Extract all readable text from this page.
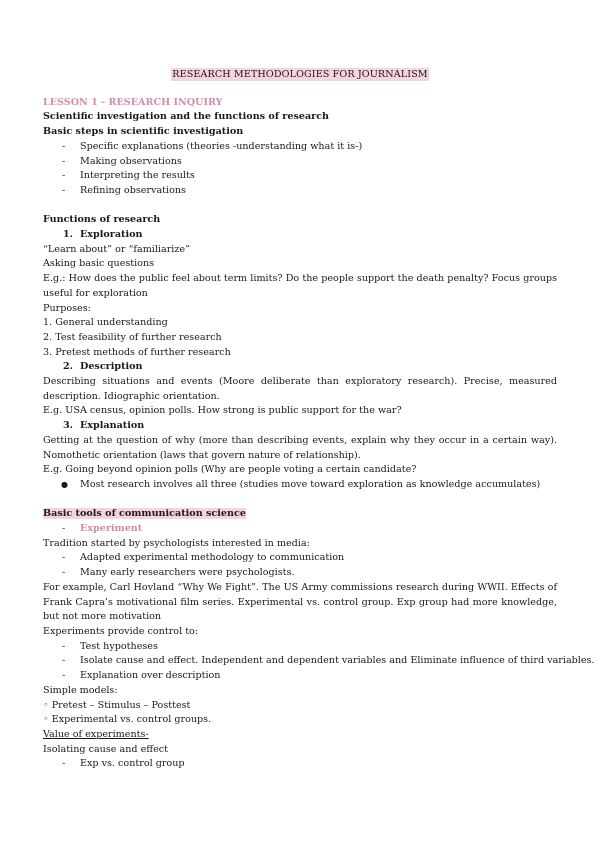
RESEARCH METHODOLOGIES FOR JOURNALISM
LESSON 1 - RESEARCH INQUIRY
Scientific investigation and the functions of research
Basic steps in scientific investigation
- Specific explanations (theories -understanding what it is-)
- Making observations
- Interpreting the results
- Refining observations
Functions of research
1. Exploration
“Learn about” or “familiarize”
Asking basic questions
E.g.: How does the public feel about term limits? Do the people support the death penalty? Focus groups useful for exploration
Purposes:
1. General understanding
2. Test feasibility of further research
3. Pretest methods of further research
2. Description
Describing situations and events (Moore deliberate than exploratory research). Precise, measured description. Idiographic orientation.
E.g. USA census, opinion polls. How strong is public support for the war?
3. Explanation
Getting at the question of why (more than describing events, explain why they occur in a certain way). Nomothetic orientation (laws that govern nature of relationship).
E.g. Going beyond opinion polls (Why are people voting a certain candidate?
● Most research involves all three (studies move toward exploration as knowledge accumulates)
Basic tools of communication science
- Experiment
Tradition started by psychologists interested in media:
- Adapted experimental methodology to communication
- Many early researchers were psychologists.
For example, Carl Hovland “Why We Fight”. The US Army commissions research during WWII. Effects of Frank Capra’s motivational film series. Experimental vs. control group. Exp group had more knowledge, but not more motivation
Experiments provide control to:
- Test hypotheses
- Isolate cause and effect. Independent and dependent variables and Eliminate influence of third variables.
- Explanation over description
Simple models:
◦ Pretest – Stimulus – Posttest
◦ Experimental vs. control groups.
Value of experiments-
Isolating cause and effect
- Exp vs. control group
